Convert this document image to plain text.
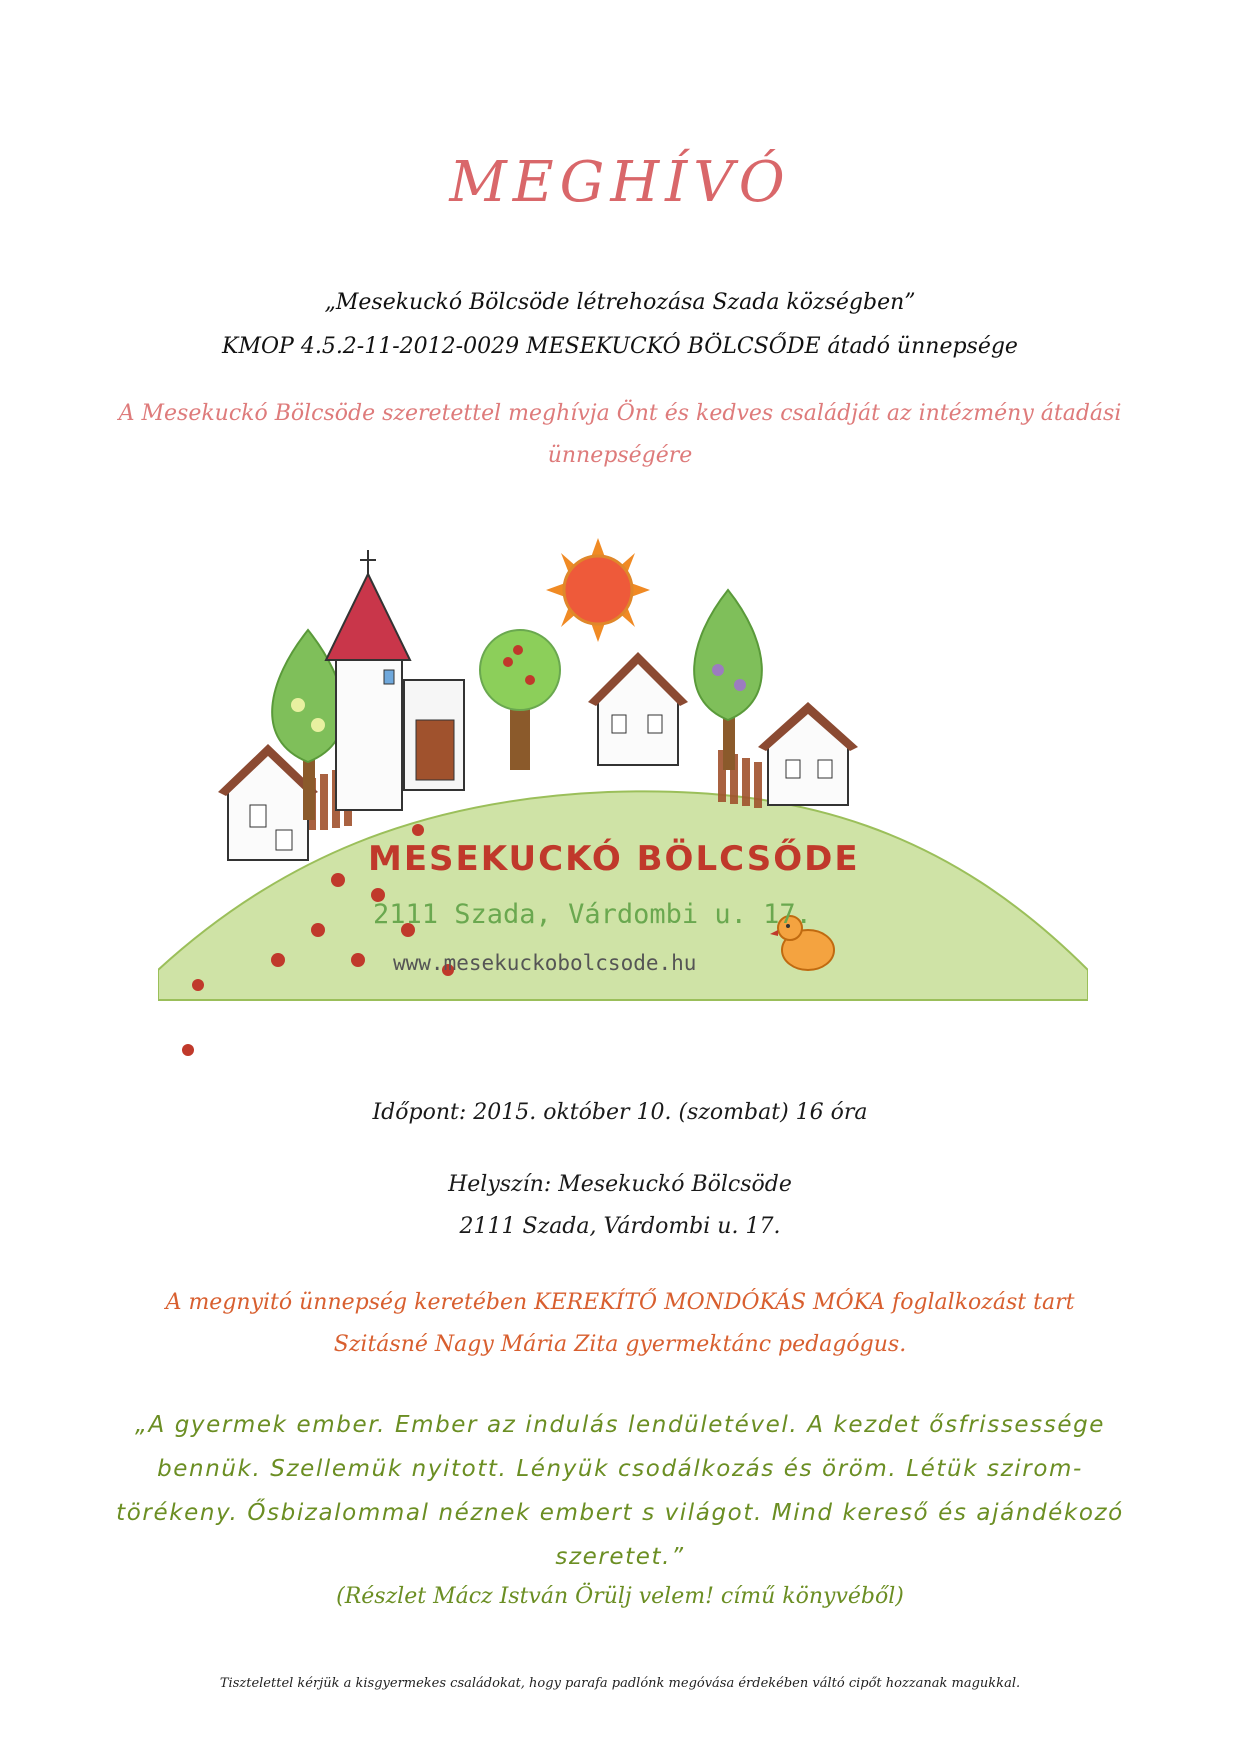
MEGHÍVÓ
„Mesekuckó Bölcsöde létrehozása Szada községben”
KMOP 4.5.2-11-2012-0029 MESEKUCKÓ BÖLCSŐDE átadó ünnepsége
A Mesekuckó Bölcsöde szeretettel meghívja Önt és kedves családját az intézmény átadási
ünnepségére
MESEKUCKÓ BÖLCSŐDE
2111 Szada, Várdombi u. 17.
www.mesekuckobolcsode.hu
Időpont: 2015. október 10. (szombat) 16 óra
Helyszín: Mesekuckó Bölcsöde
2111 Szada, Várdombi u. 17.
A megnyitó ünnepség keretében KEREKÍTŐ MONDÓKÁS MÓKA foglalkozást tart
Szitásné Nagy Mária Zita gyermektánc pedagógus.
„A gyermek ember. Ember az indulás lendületével. A kezdet ősfrissessége
bennük. Szellemük nyitott. Lényük csodálkozás és öröm. Létük szirom-
törékeny. Ősbizalommal néznek embert s világot. Mind kereső és ajándékozó
szeretet.”
(Részlet Mácz István Örülj velem! című könyvéből)
Tisztelettel kérjük a kisgyermekes családokat, hogy parafa padlónk megóvása érdekében váltó cipőt hozzanak magukkal.
